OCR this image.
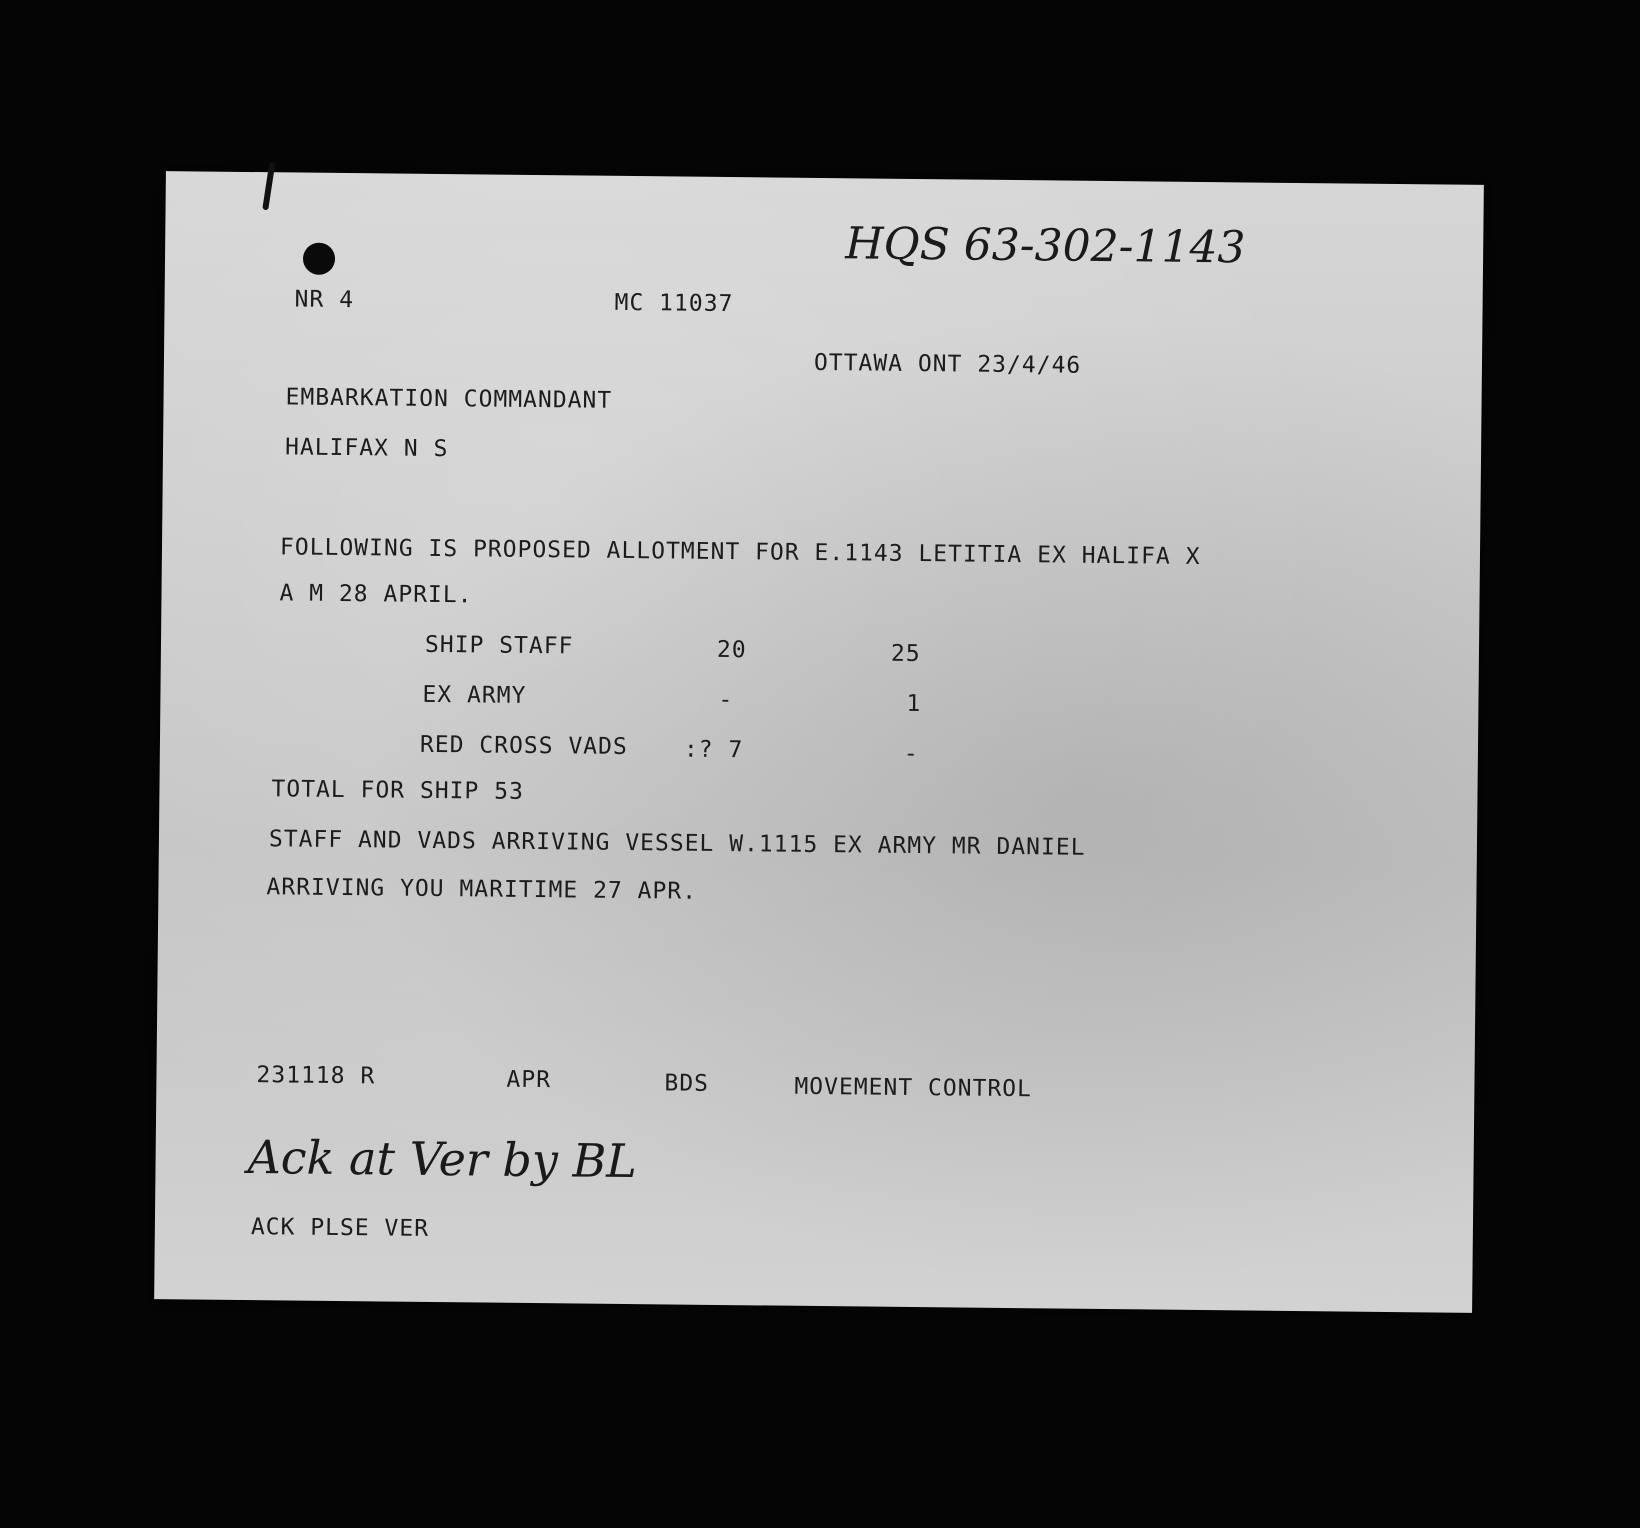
HQS 63-302-1143
NR 4	MC 11037
OTTAWA ONT 23/4/46
EMBARKATION COMMANDANT
HALIFAX N S
FOLLOWING IS PROPOSED ALLOTMENT FOR E.1143 LETITIA EX HALIFA X
A M 28 APRIL.
SHIP STAFF	20	25
EX ARMY	-	1
RED CROSS VADS :? 7	-
TOTAL FOR SHIP 53
STAFF AND VADS ARRIVING VESSEL W.1115 EX ARMY MR DANIEL
ARRIVING YOU MARITIME 27 APR.
231118 R	APR	BDS	MOVEMENT CONTROL
Ack at Ver by BL
ACK PLSE VER
